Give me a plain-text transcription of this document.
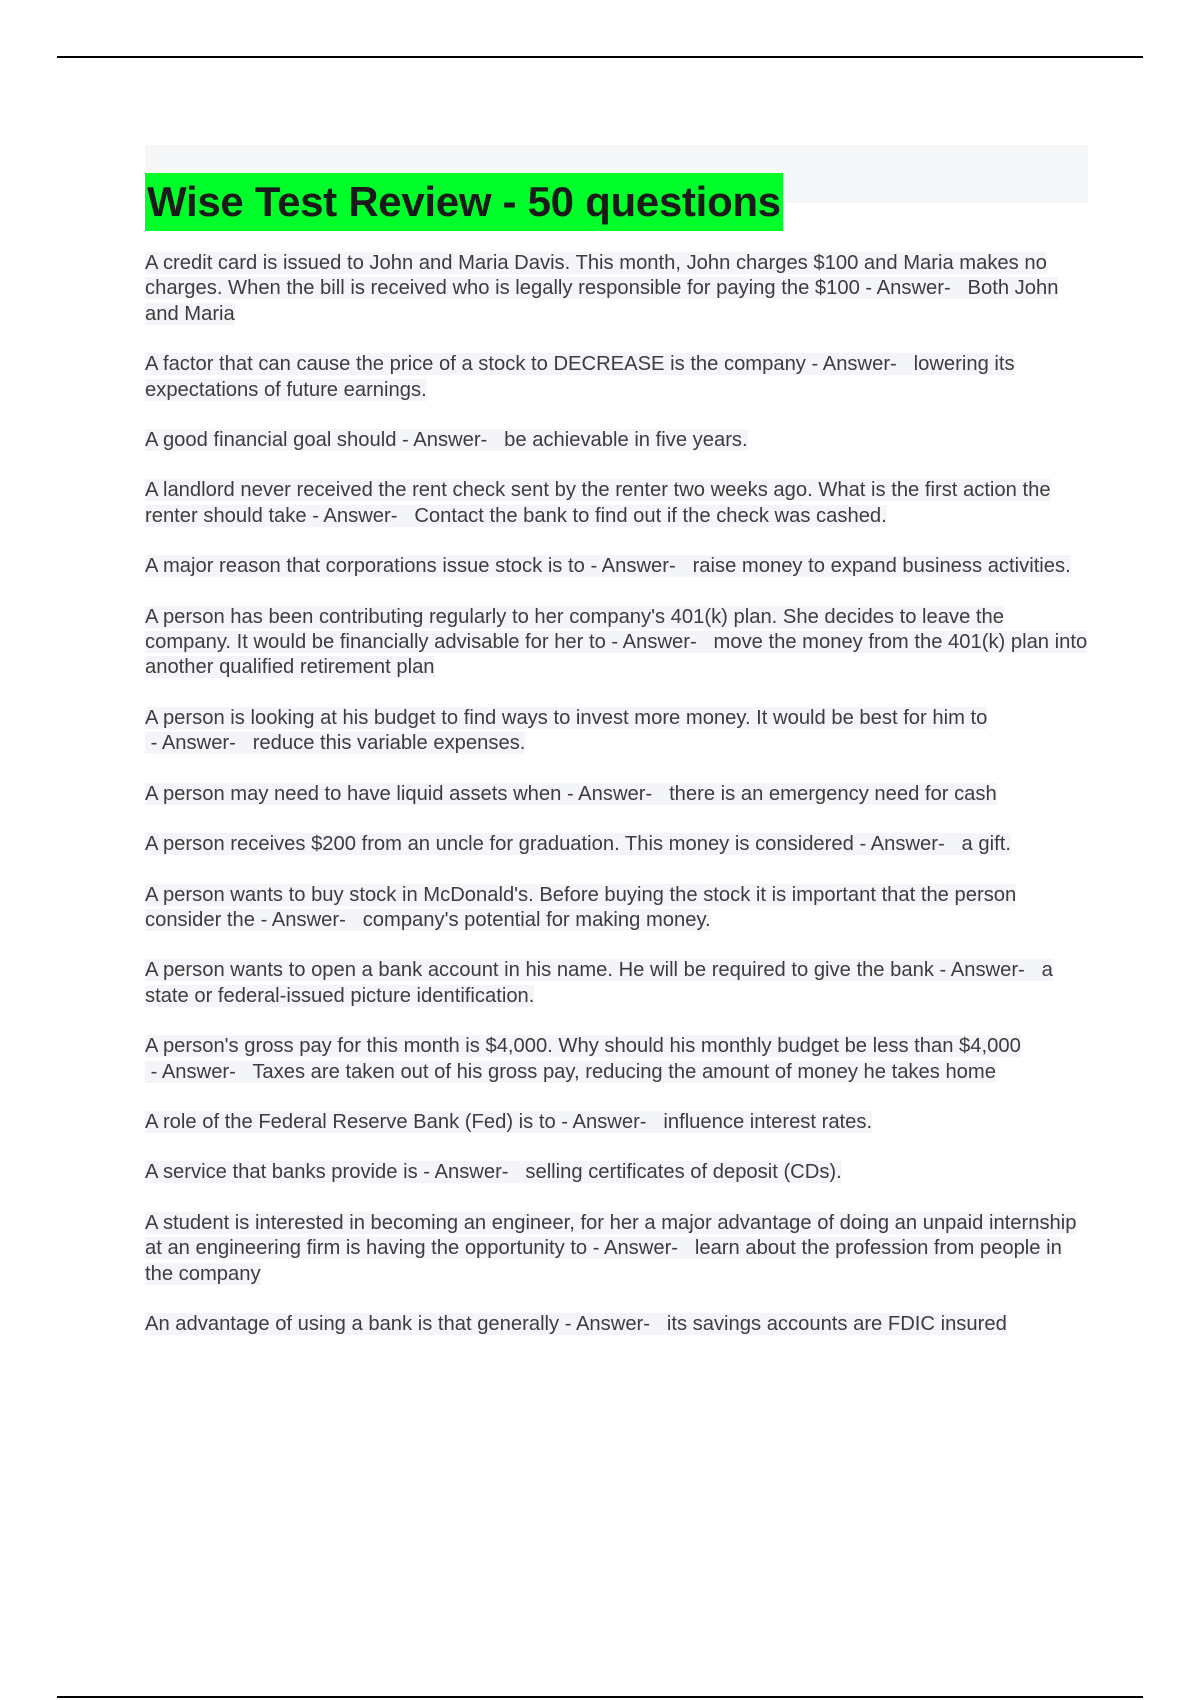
Wise Test Review - 50 questions
A credit card is issued to John and Maria Davis. This month, John charges $100 and Maria makes no charges. When the bill is received who is legally responsible for paying the $100 - Answer-   Both John and Maria
A factor that can cause the price of a stock to DECREASE is the company - Answer-   lowering its expectations of future earnings.
A good financial goal should - Answer-   be achievable in five years.
A landlord never received the rent check sent by the renter two weeks ago. What is the first action the renter should take - Answer-   Contact the bank to find out if the check was cashed.
A major reason that corporations issue stock is to - Answer-   raise money to expand business activities.
A person has been contributing regularly to her company's 401(k) plan. She decides to leave the company. It would be financially advisable for her to - Answer-   move the money from the 401(k) plan into another qualified retirement plan
A person is looking at his budget to find ways to invest more money. It would be best for him to - Answer-   reduce this variable expenses.
A person may need to have liquid assets when - Answer-   there is an emergency need for cash
A person receives $200 from an uncle for graduation. This money is considered - Answer-   a gift.
A person wants to buy stock in McDonald's. Before buying the stock it is important that the person consider the - Answer-   company's potential for making money.
A person wants to open a bank account in his name. He will be required to give the bank - Answer-   a state or federal-issued picture identification.
A person's gross pay for this month is $4,000. Why should his monthly budget be less than $4,000 - Answer-   Taxes are taken out of his gross pay, reducing the amount of money he takes home
A role of the Federal Reserve Bank (Fed) is to - Answer-   influence interest rates.
A service that banks provide is - Answer-   selling certificates of deposit (CDs).
A student is interested in becoming an engineer, for her a major advantage of doing an unpaid internship at an engineering firm is having the opportunity to - Answer-   learn about the profession from people in the company
An advantage of using a bank is that generally - Answer-   its savings accounts are FDIC insured
